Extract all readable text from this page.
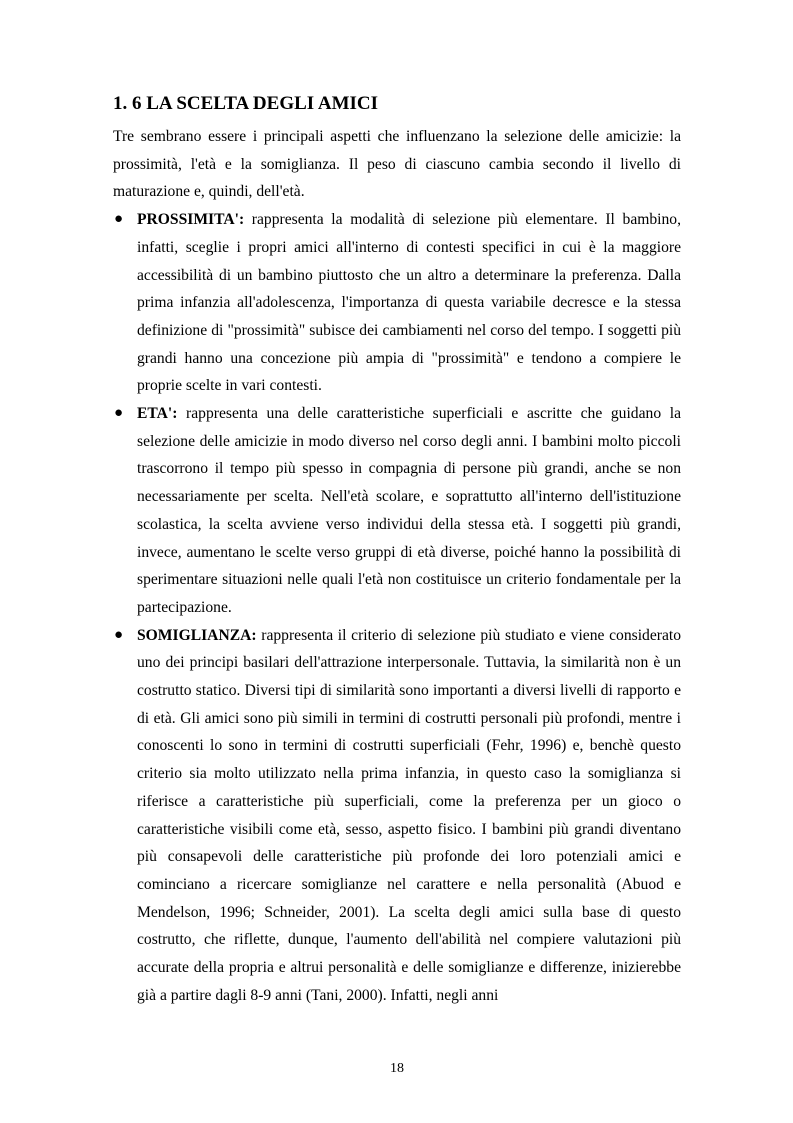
1. 6 LA SCELTA DEGLI AMICI

Tre sembrano essere i principali aspetti che influenzano la selezione delle amicizie: la prossimità, l'età e la somiglianza. Il peso di ciascuno cambia secondo il livello di maturazione e, quindi, dell'età.

● PROSSIMITA': rappresenta la modalità di selezione più elementare. Il bambino, infatti, sceglie i propri amici all'interno di contesti specifici in cui è la maggiore accessibilità di un bambino piuttosto che un altro a determinare la preferenza. Dalla prima infanzia all'adolescenza, l'importanza di questa variabile decresce e la stessa definizione di "prossimità" subisce dei cambiamenti nel corso del tempo. I soggetti più grandi hanno una concezione più ampia di "prossimità" e tendono a compiere le proprie scelte in vari contesti.
● ETA': rappresenta una delle caratteristiche superficiali e ascritte che guidano la selezione delle amicizie in modo diverso nel corso degli anni. I bambini molto piccoli trascorrono il tempo più spesso in compagnia di persone più grandi, anche se non necessariamente per scelta. Nell'età scolare, e soprattutto all'interno dell'istituzione scolastica, la scelta avviene verso individui della stessa età. I soggetti più grandi, invece, aumentano le scelte verso gruppi di età diverse, poiché hanno la possibilità di sperimentare situazioni nelle quali l'età non costituisce un criterio fondamentale per la partecipazione.
● SOMIGLIANZA: rappresenta il criterio di selezione più studiato e viene considerato uno dei principi basilari dell'attrazione interpersonale. Tuttavia, la similarità non è un costrutto statico. Diversi tipi di similarità sono importanti a diversi livelli di rapporto e di età. Gli amici sono più simili in termini di costrutti personali più profondi, mentre i conoscenti lo sono in termini di costrutti superficiali (Fehr, 1996) e, benchè questo criterio sia molto utilizzato nella prima infanzia, in questo caso la somiglianza si riferisce a caratteristiche più superficiali, come la preferenza per un gioco o caratteristiche visibili come età, sesso, aspetto fisico. I bambini più grandi diventano più consapevoli delle caratteristiche più profonde dei loro potenziali amici e cominciano a ricercare somiglianze nel carattere e nella personalità (Abuod e Mendelson, 1996; Schneider, 2001). La scelta degli amici sulla base di questo costrutto, che riflette, dunque, l'aumento dell'abilità nel compiere valutazioni più accurate della propria e altrui personalità e delle somiglianze e differenze, inizierebbe già a partire dagli 8-9 anni (Tani, 2000). Infatti, negli anni
18
